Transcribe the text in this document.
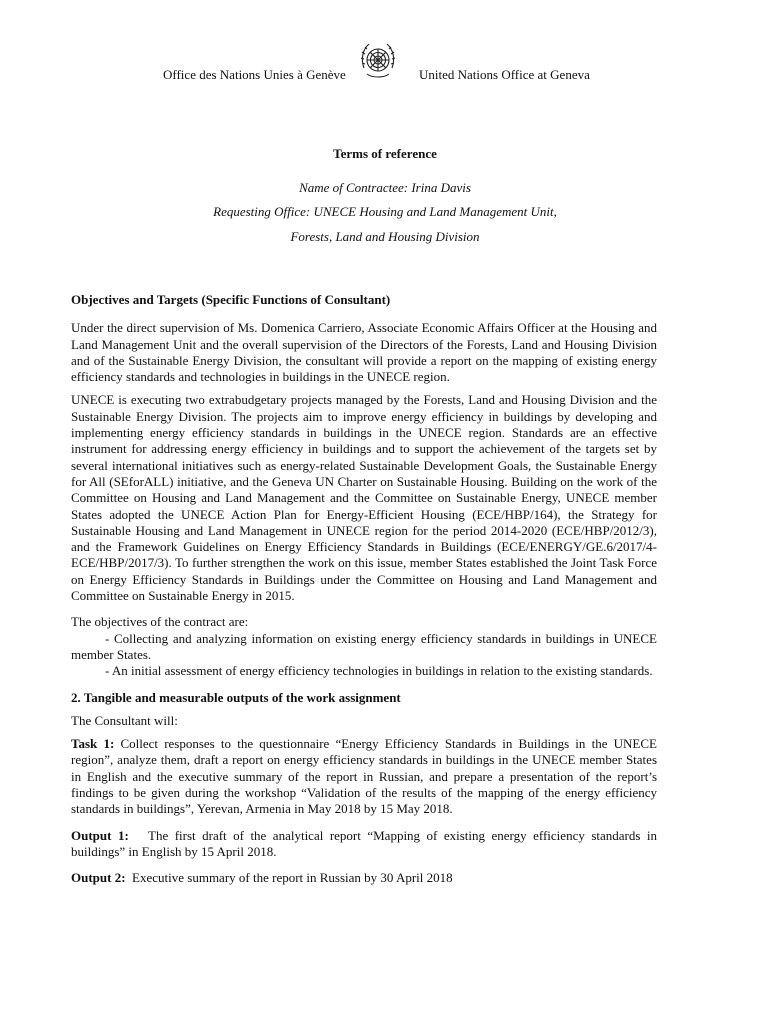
Office des Nations Unies à Genève	United Nations Office at Geneva
Terms of reference
Name of Contractee: Irina Davis
Requesting Office: UNECE Housing and Land Management Unit,
Forests, Land and Housing Division

Objectives and Targets (Specific Functions of Consultant)

Under the direct supervision of Ms. Domenica Carriero, Associate Economic Affairs Officer at the Housing and Land Management Unit and the overall supervision of the Directors of the Forests, Land and Housing Division and of the Sustainable Energy Division, the consultant will provide a report on the mapping of existing energy efficiency standards and technologies in buildings in the UNECE region.

UNECE is executing two extrabudgetary projects managed by the Forests, Land and Housing Division and the Sustainable Energy Division. The projects aim to improve energy efficiency in buildings by developing and implementing energy efficiency standards in buildings in the UNECE region. Standards are an effective instrument for addressing energy efficiency in buildings and to support the achievement of the targets set by several international initiatives such as energy-related Sustainable Development Goals, the Sustainable Energy for All (SEforALL) initiative, and the Geneva UN Charter on Sustainable Housing. Building on the work of the Committee on Housing and Land Management and the Committee on Sustainable Energy, UNECE member States adopted the UNECE Action Plan for Energy-Efficient Housing (ECE/HBP/164), the Strategy for Sustainable Housing and Land Management in UNECE region for the period 2014-2020 (ECE/HBP/2012/3), and the Framework Guidelines on Energy Efficiency Standards in Buildings (ECE/ENERGY/GE.6/2017/4-ECE/HBP/2017/3). To further strengthen the work on this issue, member States established the Joint Task Force on Energy Efficiency Standards in Buildings under the Committee on Housing and Land Management and Committee on Sustainable Energy in 2015.

The objectives of the contract are:

- Collecting and analyzing information on existing energy efficiency standards in buildings in UNECE member States.

- An initial assessment of energy efficiency technologies in buildings in relation to the existing standards.

2. Tangible and measurable outputs of the work assignment

The Consultant will:

Task 1: Collect responses to the questionnaire “Energy Efficiency Standards in Buildings in the UNECE region”, analyze them, draft a report on energy efficiency standards in buildings in the UNECE member States in English and the executive summary of the report in Russian, and prepare a presentation of the report’s findings to be given during the workshop “Validation of the results of the mapping of the energy efficiency standards in buildings”, Yerevan, Armenia in May 2018 by 15 May 2018.

Output 1: The first draft of the analytical report “Mapping of existing energy efficiency standards in buildings” in English by 15 April 2018.

Output 2: Executive summary of the report in Russian by 30 April 2018
